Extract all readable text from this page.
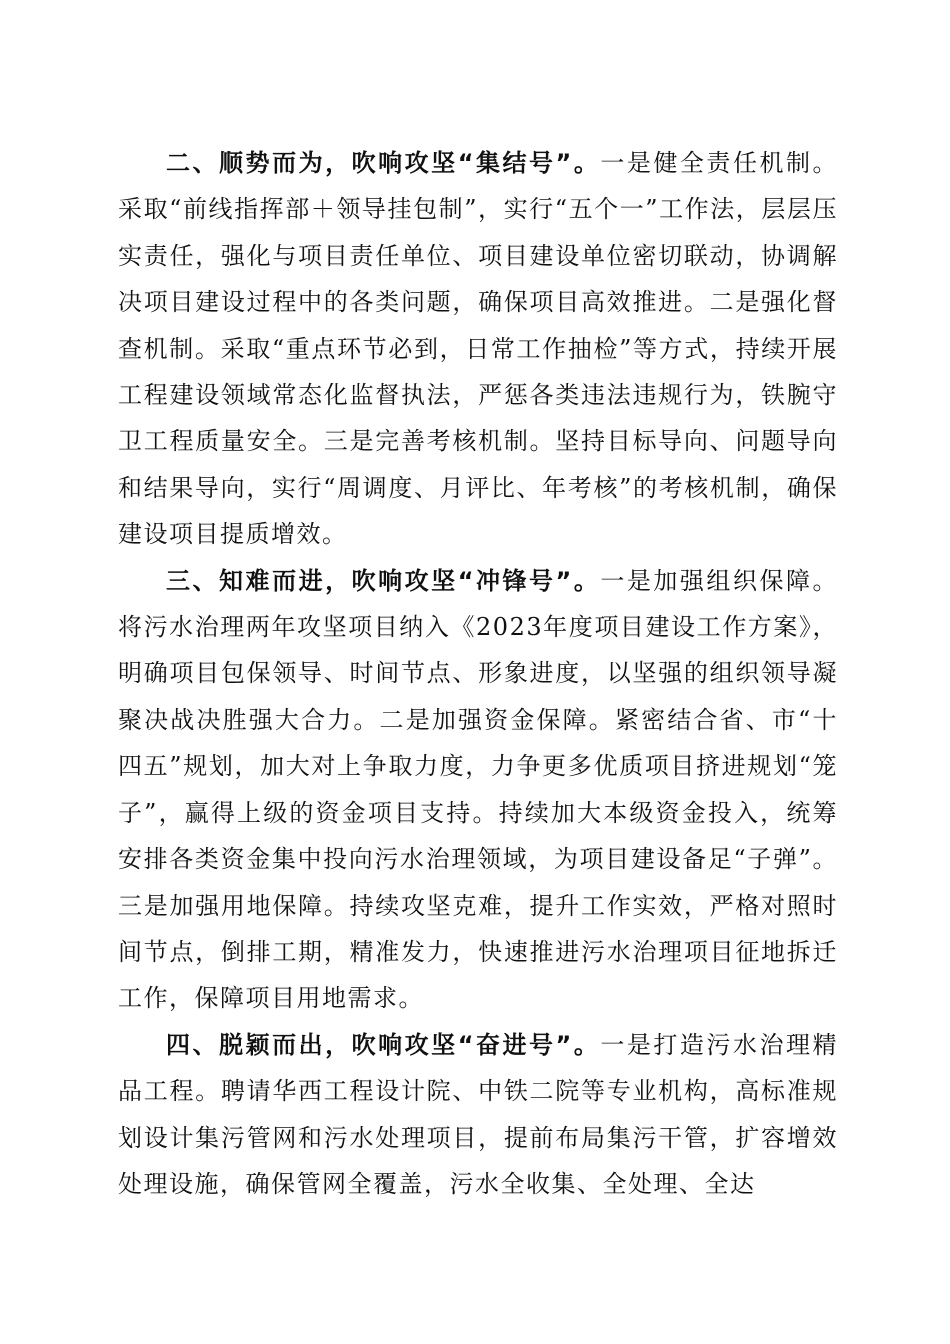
二、顺势而为，吹响攻坚“集结号”。一是健全责任机制。采取“前线指挥部＋领导挂包制”，实行“五个一”工作法，层层压实责任，强化与项目责任单位、项目建设单位密切联动，协调解决项目建设过程中的各类问题，确保项目高效推进。二是强化督查机制。采取“重点环节必到，日常工作抽检”等方式，持续开展工程建设领域常态化监督执法，严惩各类违法违规行为，铁腕守卫工程质量安全。三是完善考核机制。坚持目标导向、问题导向和结果导向，实行“周调度、月评比、年考核”的考核机制，确保建设项目提质增效。

三、知难而进，吹响攻坚“冲锋号”。一是加强组织保障。将污水治理两年攻坚项目纳入《2023年度项目建设工作方案》，明确项目包保领导、时间节点、形象进度，以坚强的组织领导凝聚决战决胜强大合力。二是加强资金保障。紧密结合省、市“十四五”规划，加大对上争取力度，力争更多优质项目挤进规划“笼子”，赢得上级的资金项目支持。持续加大本级资金投入，统筹安排各类资金集中投向污水治理领域，为项目建设备足“子弹”。三是加强用地保障。持续攻坚克难，提升工作实效，严格对照时间节点，倒排工期，精准发力，快速推进污水治理项目征地拆迁工作，保障项目用地需求。

四、脱颖而出，吹响攻坚“奋进号”。一是打造污水治理精品工程。聘请华西工程设计院、中铁二院等专业机构，高标准规划设计集污管网和污水处理项目，提前布局集污干管，扩容增效处理设施，确保管网全覆盖，污水全收集、全处理、全达
